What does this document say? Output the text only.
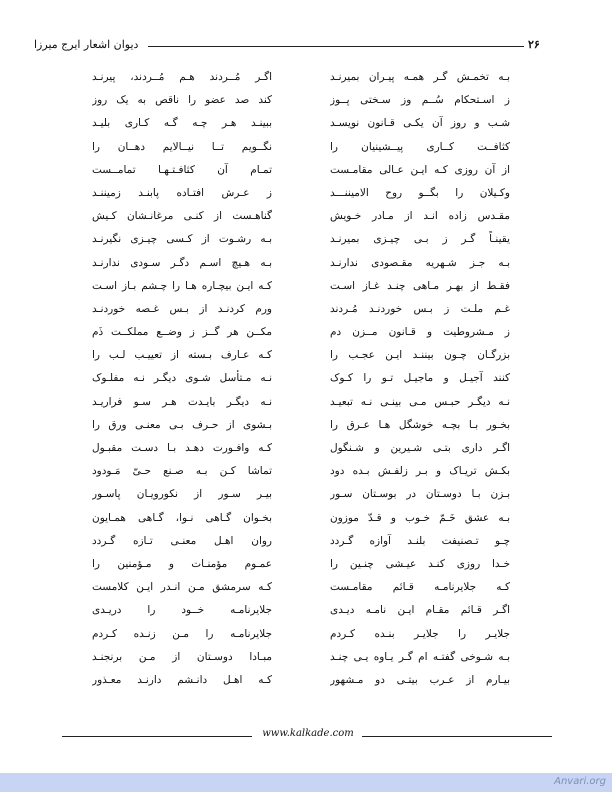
۲۶
دیوان اشعار ایرج میرزا
بـه تخمـش گـر همـه پیـران بمیرنـد
اگـر مُــردند هـم مُــردند، پیرنـد
ز اسـتحکام سُــم وز سـختی پــوز
کند صد عضو را ناقص به یک روز
شـب و روز آن یکـی قـانون نویسـد
ببینـد هـر چـه گـه کـاری بلیـد
کثافــت کــاری پیــشینیان را
نگــویم تــا نیــالایم دهــان را
از آن روزی کـه ایـن عـالی مقامـست
تمـام آن کثافـتـهـا تمامــست
وکـیلان را بگــو روح الامیننـــد
ز عـرش افتـاده پابنـد زمیننـد
مقـدس زاده انـد از مـادر خـویش
گناهـست از کنـی مرغانـشان کـیش
یقینـاً گـر ز بـی چیـزی بمیرنـد
بـه رشـوت از کـسی چیـزی نگیرنـد
بـه جـز شـهریه مقـصودی ندارنـد
بـه هـیچ اسـم دگـر سـودی ندارنـد
فقـط از بهـر مـاهی چنـد غـاز اسـت
کـه ایـن بیچـاره هـا را چـشم بـاز اسـت
غـم ملـت ز بـس خوردنـد مُـردند
ورم کردنـد از بـس غـصه خوردنـد
ز مـشروطیت و قـانون مــزن دم
مکــن هر گــز ز وضــع مملکــت ذَم
بزرگـان چـون بیننـد ایـن عجـب را
کـه عـارف بـسته از تعییـب لـب را
کنند آجیـل و ماجیـل تـو را کـوک
نـه مـتأسل شـوی دیگـر نـه مفلـوک
نـه دیگـر حبـس مـی بینـی نـه تبعیـد
نـه دیگـر بایـدت هـر سـو فراریـد
بخـور بـا بچـه خوشگل هـا عـرق را
بـشوی از حـرف بـی معنـی ورق را
اگـر داری بتـی شـیرین و شـنگول
کـه وافـورت دهـد بـا دسـت مقبـول
بکـش تریـاک و بـر زلفـش بـده دود
تماشا کـن بـه صـنع حـیّ مَـودود
بـزن بـا دوسـتان در بوسـتان سـور
بیـر سـور از نکورویـان پاسـور
بـه عشق خَـمّ خـوب و قـدّ موزون
بخـوان گـاهی نـوا، گـاهی همـایون
چـو تـصنیفت بلنـد آوازه گـردد
روان اهـل معنـی تـازه گـردد
خـدا روزی کنـد عیـشی چنـین را
عمـوم مؤمنـات و مـؤمنین را
کـه جلایرنامـه قـائم مقامـست
کـه سرمشق مـن انـدر ایـن کلامست
اگـر قـائم مقـام ایـن نامـه دیـدی
جلایرنامـه خــود را دریـدی
جلایـر را جلایـر بنـده کـردم
جلایرنامـه را مـن زنـده کـردم
بـه شـوخی گفتـه ام گـر یـاوه یـی چنـد
مبـادا دوسـتان از مـن برنجنـد
بیـارم از عـرب بیتـی دو مـشهور
کـه اهـل دانـشم دارنـد معـذور
www.kalkade.com
Anvari.org
